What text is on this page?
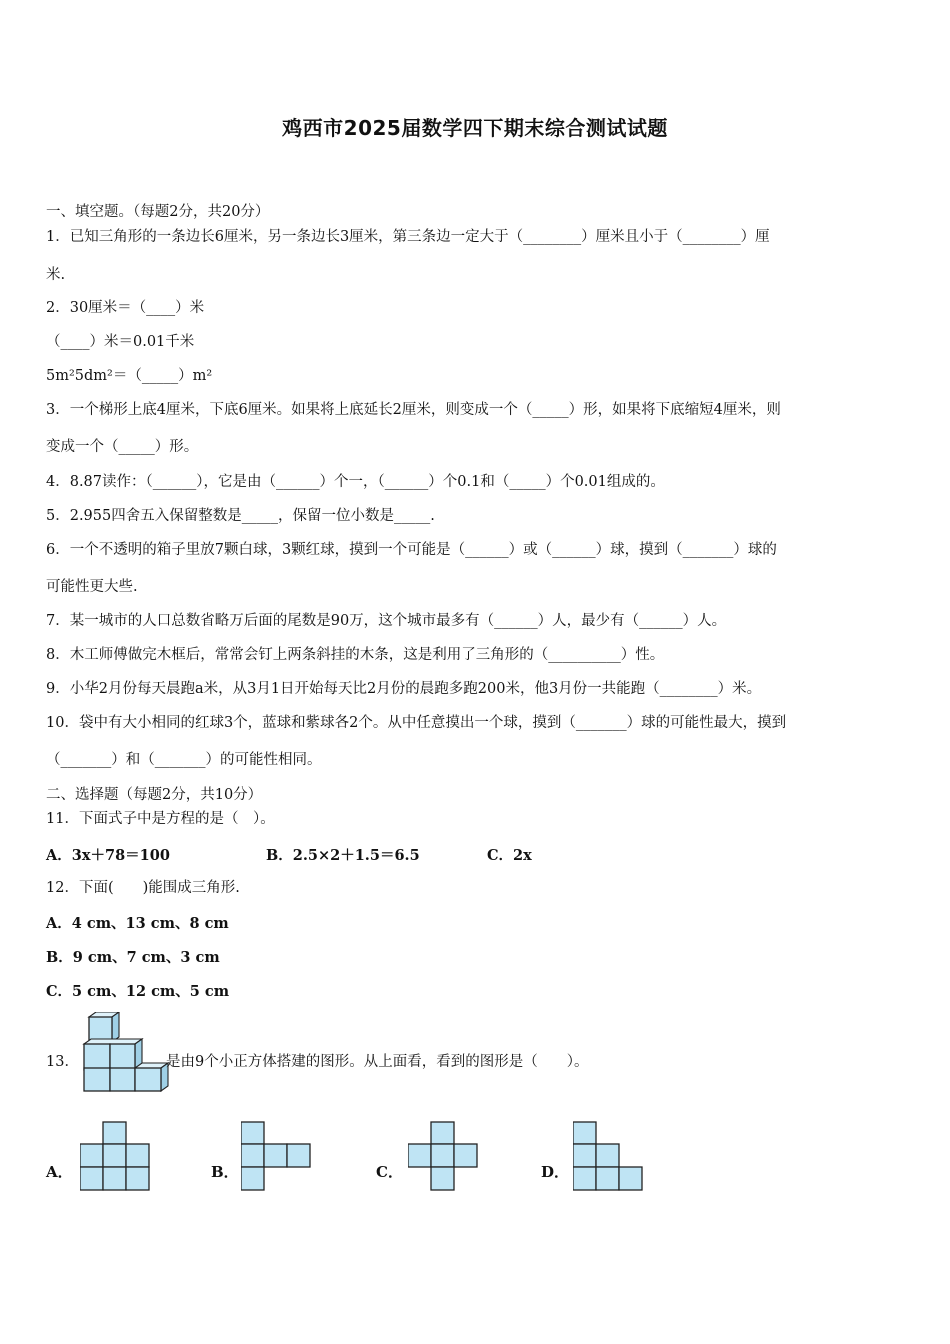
鸡西市2025届数学四下期末综合测试试题
一、填空题。（每题2分，共20分）
1．已知三角形的一条边长6厘米，另一条边长3厘米，第三条边一定大于（________）厘米且小于（________）厘
米.
2．30厘米＝（____）米
（____）米＝0.01千米
5m²5dm²＝（_____）m²
3．一个梯形上底4厘米，下底6厘米。如果将上底延长2厘米，则变成一个（_____）形，如果将下底缩短4厘米，则
变成一个（_____）形。
4．8.87读作：（______），它是由（______）个一，（______）个0.1和（_____）个0.01组成的。
5．2.955四舍五入保留整数是_____，保留一位小数是_____.
6．一个不透明的箱子里放7颗白球，3颗红球，摸到一个可能是（______）或（______）球，摸到（_______）球的
可能性更大些.
7．某一城市的人口总数省略万后面的尾数是90万，这个城市最多有（______）人，最少有（______）人。
8．木工师傅做完木框后，常常会钉上两条斜挂的木条，这是利用了三角形的（__________）性。
9．小华2月份每天晨跑a米，从3月1日开始每天比2月份的晨跑多跑200米，他3月份一共能跑（________）米。
10．袋中有大小相同的红球3个，蓝球和紫球各2个。从中任意摸出一个球，摸到（_______）球的可能性最大，摸到
（_______）和（_______）的可能性相同。
二、选择题（每题2分，共10分）
11．下面式子中是方程的是（　）。
A．3x＋78＝100	B．2.5×2＋1.5＝6.5	C．2x
12．下面(　　)能围成三角形.
A．4 cm、13 cm、8 cm
B．9 cm、7 cm、3 cm
C．5 cm、12 cm、5 cm
13．	是由9个小正方体搭建的图形。从上面看，看到的图形是（　　）。
A．	B．	C．	D．
